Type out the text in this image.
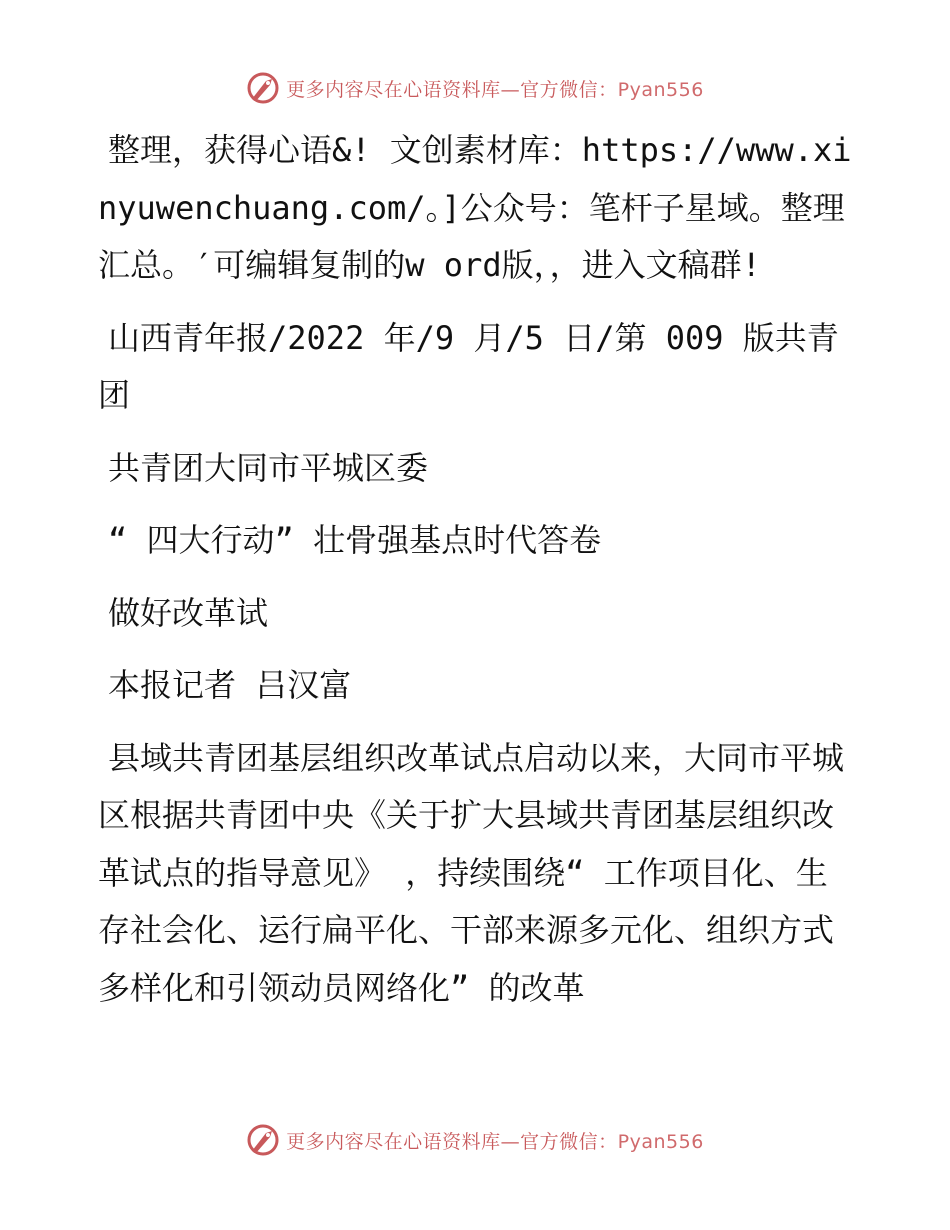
更多内容尽在心语资料库—官方微信：Pyan556

整理，获得心语&! 文创素材库：https://www.xinyuwenchuang.com/。]公众号：笔杆子星域。整理汇总。′可编辑复制的w ord版，，进入文稿群!

山西青年报/2022 年/9 月/5 日/第 009 版共青团

共青团大同市平城区委

“ 四大行动” 壮骨强基点时代答卷

做好改革试

本报记者 吕汉富

县域共青团基层组织改革试点启动以来，大同市平城区根据共青团中央《关于扩大县域共青团基层组织改革试点的指导意见》 ，持续围绕“ 工作项目化、生存社会化、运行扁平化、干部来源多元化、组织方式多样化和引领动员网络化” 的改革

更多内容尽在心语资料库—官方微信：Pyan556
